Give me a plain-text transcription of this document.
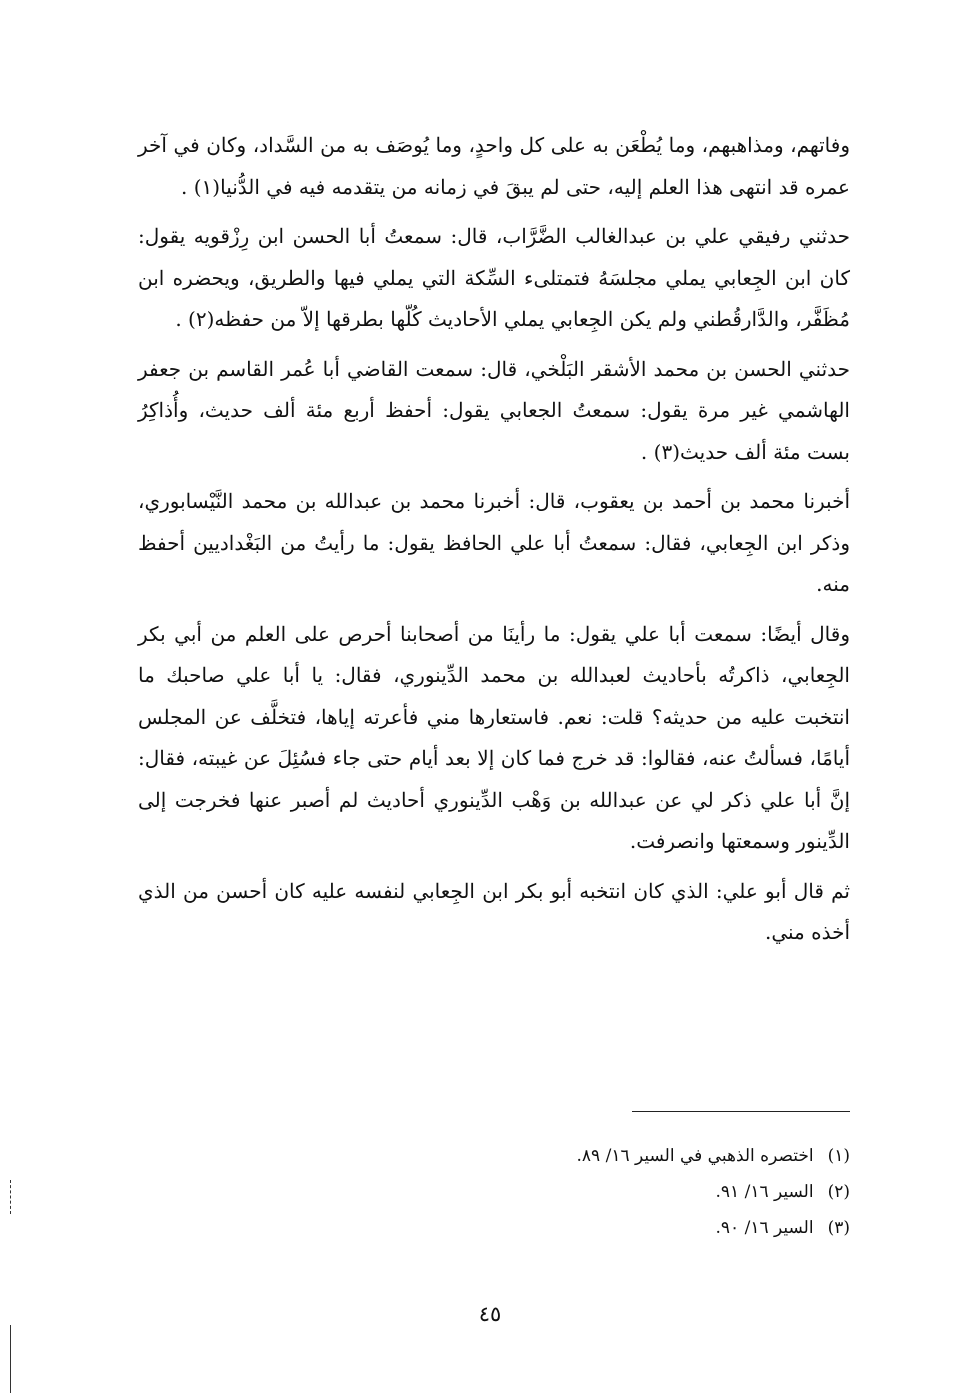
وفاتهم، ومذاهبهم، وما يُطْعَن به على كل واحدٍ، وما يُوصَف به من السَّداد، وكان في آخر عمره قد انتهى هذا العلم إليه، حتى لم يبقَ في زمانه من يتقدمه فيه في الدُّنيا(١) .

حدثني رفيقي علي بن عبدالغالب الضَّرَّاب، قال: سمعتُ أبا الحسن ابن رِزْقويه يقول: كان ابن الجِعابي يملي مجلسَهُ فتمتلىء السِّكة التي يملي فيها والطريق، ويحضره ابن مُظَفَّر، والدَّارقُطني ولم يكن الجِعابي يملي الأحاديث كُلّها بطرقها إلاّ من حفظه(٢) .

حدثني الحسن بن محمد الأشقر البَلْخي، قال: سمعت القاضي أبا عُمر القاسم بن جعفر الهاشمي غير مرة يقول: سمعتُ الجعابي يقول: أحفظ أربع مئة ألف حديث، وأُذاكِرُ بست مئة ألف حديث(٣) .

أخبرنا محمد بن أحمد بن يعقوب، قال: أخبرنا محمد بن عبدالله بن محمد النَّيْسابوري، وذكر ابن الجِعابي، فقال: سمعتُ أبا علي الحافظ يقول: ما رأيتُ من البَغْداديين أحفظ منه.

وقال أيضًا: سمعت أبا علي يقول: ما رأينَا من أصحابنا أحرص على العلم من أبي بكر الجِعابي، ذاكرتُه بأحاديث لعبدالله بن محمد الدِّينوري، فقال: يا أبا علي صاحبك ما انتخبت عليه من حديثه؟ قلت: نعم. فاستعارها مني فأعرته إياها، فتخلَّف عن المجلس أيامًا، فسألتُ عنه، فقالوا: قد خرج فما كان إلا بعد أيام حتى جاء فسُئِلَ عن غيبته، فقال: إنَّ أبا علي ذكر لي عن عبدالله بن وَهْب الدِّينوري أحاديث لم أصبر عنها فخرجت إلى الدِّينور وسمعتها وانصرفت.

ثم قال أبو علي: الذي كان انتخبه أبو بكر ابن الجِعابي لنفسه عليه كان أحسن من الذي أخذه مني.

(١)اختصره الذهبي في السير ١٦/ ٨٩.
(٢)السير ١٦/ ٩١.
(٣)السير ١٦/ ٩٠.
٤٥
